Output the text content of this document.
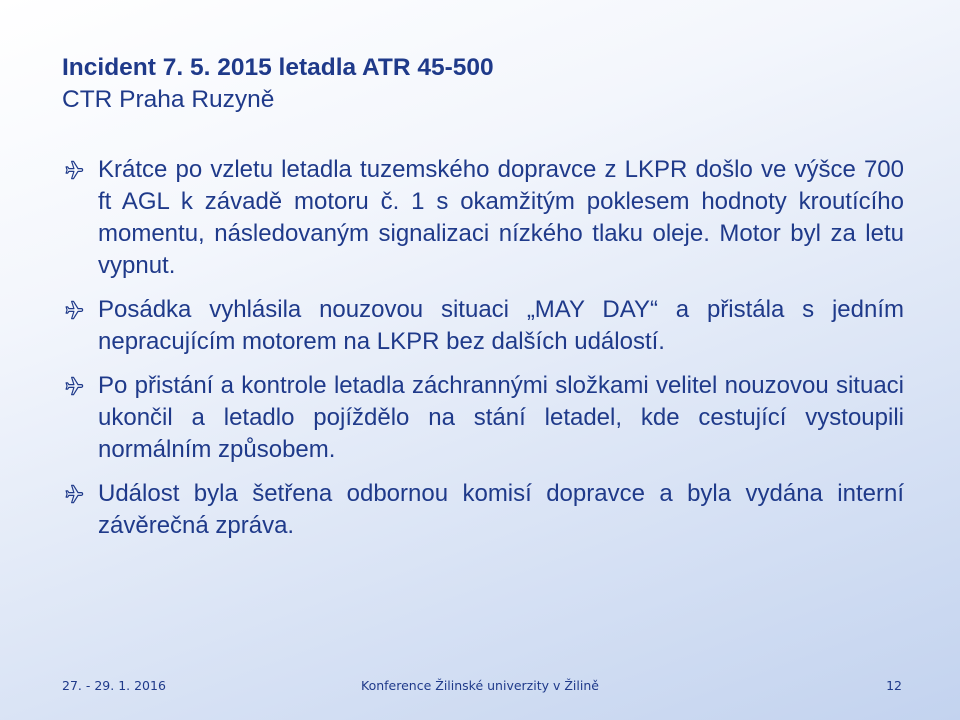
Incident 7. 5. 2015 letadla ATR 45-500
CTR Praha Ruzyně
Krátce po vzletu letadla tuzemského dopravce z LKPR došlo ve výšce 700 ft AGL k závadě motoru č. 1 s okamžitým poklesem hodnoty kroutícího momentu, následovaným signalizaci nízkého tlaku oleje. Motor byl za letu vypnut.
Posádka vyhlásila nouzovou situaci „MAY DAY“ a přistála s jedním nepracujícím motorem na LKPR bez dalších událostí.
Po přistání a kontrole letadla záchrannými složkami velitel nouzovou situaci ukončil a letadlo pojíždělo na stání letadel, kde cestující vystoupili normálním způsobem.
Událost byla šetřena odbornou komisí dopravce a byla vydána interní závěrečná zpráva.
27. - 29. 1. 2016	Konference Žilinské univerzity v Žilině	12
